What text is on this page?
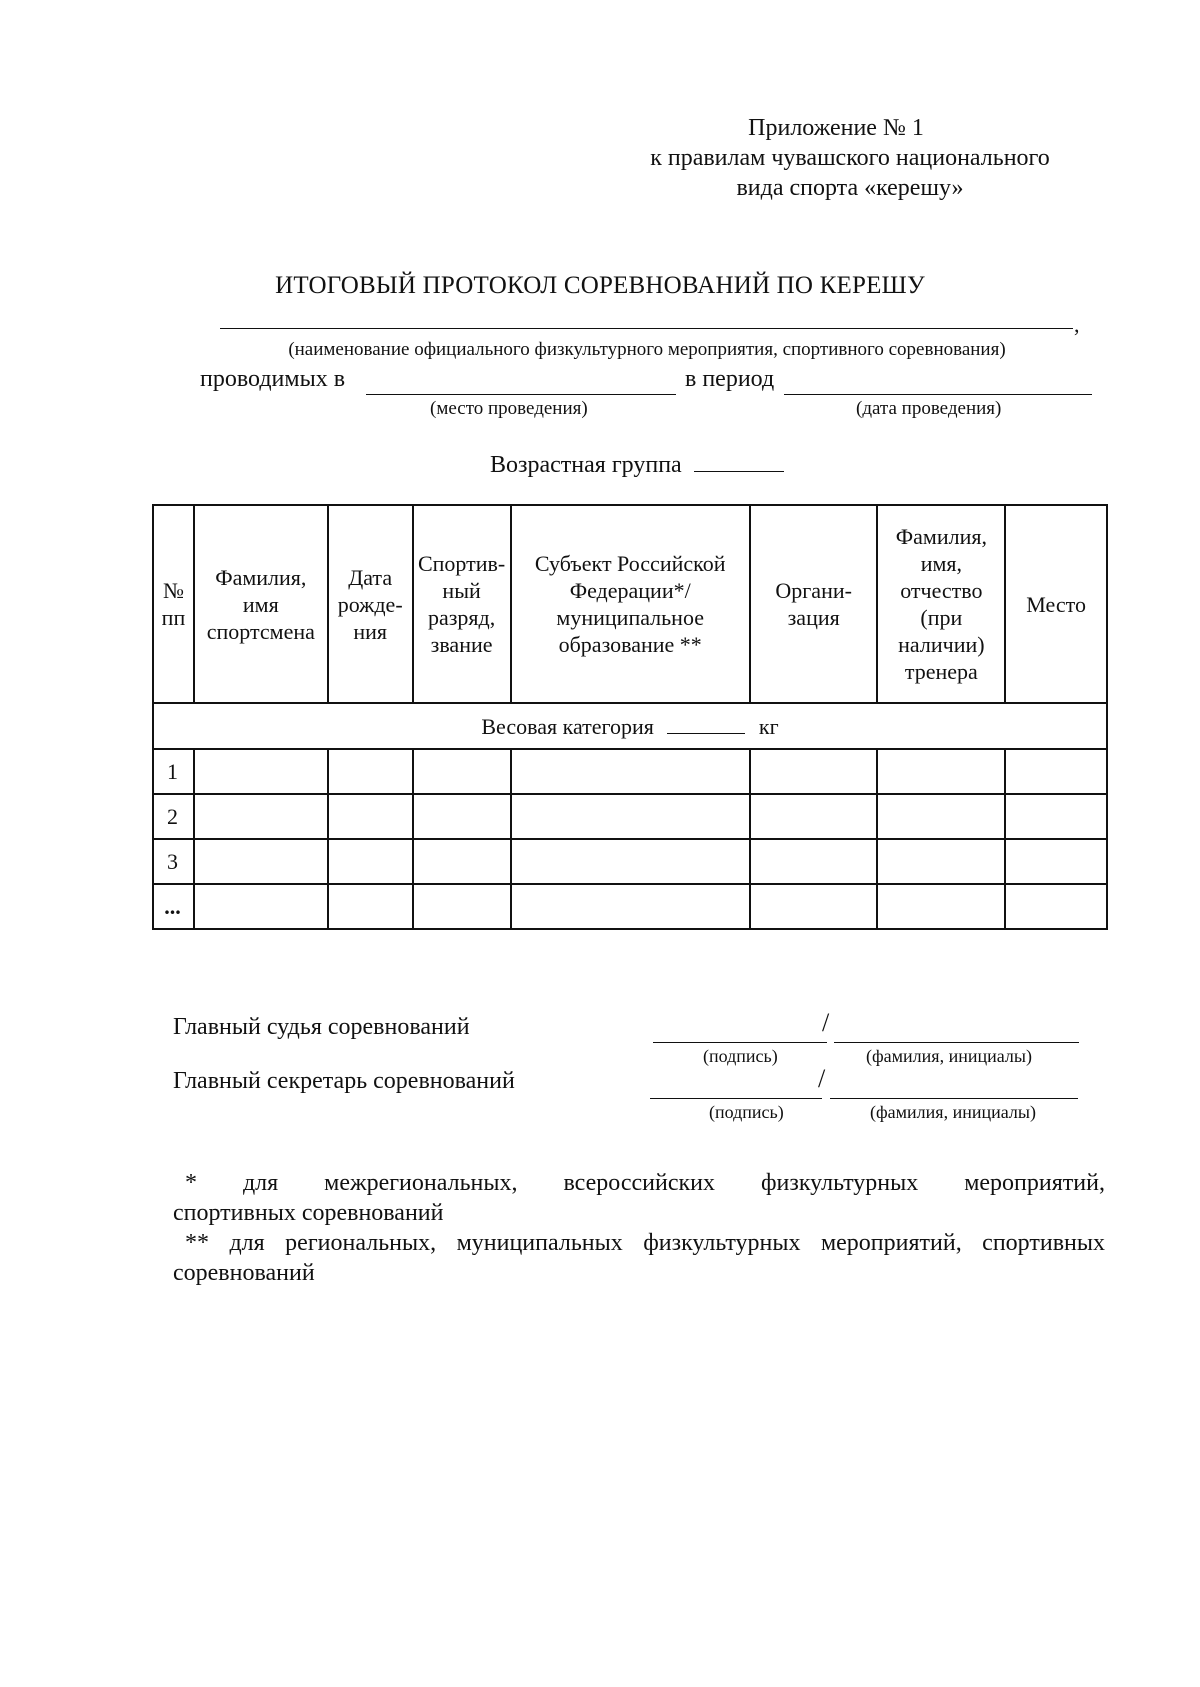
Приложение № 1
к правилам чувашского национального
вида спорта «керешу»
ИТОГОВЫЙ ПРОТОКОЛ СОРЕВНОВАНИЙ ПО КЕРЕШУ
,
(наименование официального физкультурного мероприятия, спортивного соревнования)
проводимых в	в период
(место проведения)	(дата проведения)
Возрастная группа
№ пп	Фамилия, имя спортсмена	Дата рожде-ния	Спортив-ный разряд, звание	Субъект Российской Федерации*/ муниципальное образование **	Органи-зация	Фамилия, имя, отчество (при наличии) тренера	Место
Весовая категория кг							
1							
2							
3							
...							
Главный судья соревнований	/
(подпись)	(фамилия, инициалы)
Главный секретарь соревнований	/
(подпись)	(фамилия, инициалы)
* для межрегиональных, всероссийских физкультурных мероприятий,

спортивных соревнований

** для региональных, муниципальных физкультурных мероприятий, спортивных соревнований
